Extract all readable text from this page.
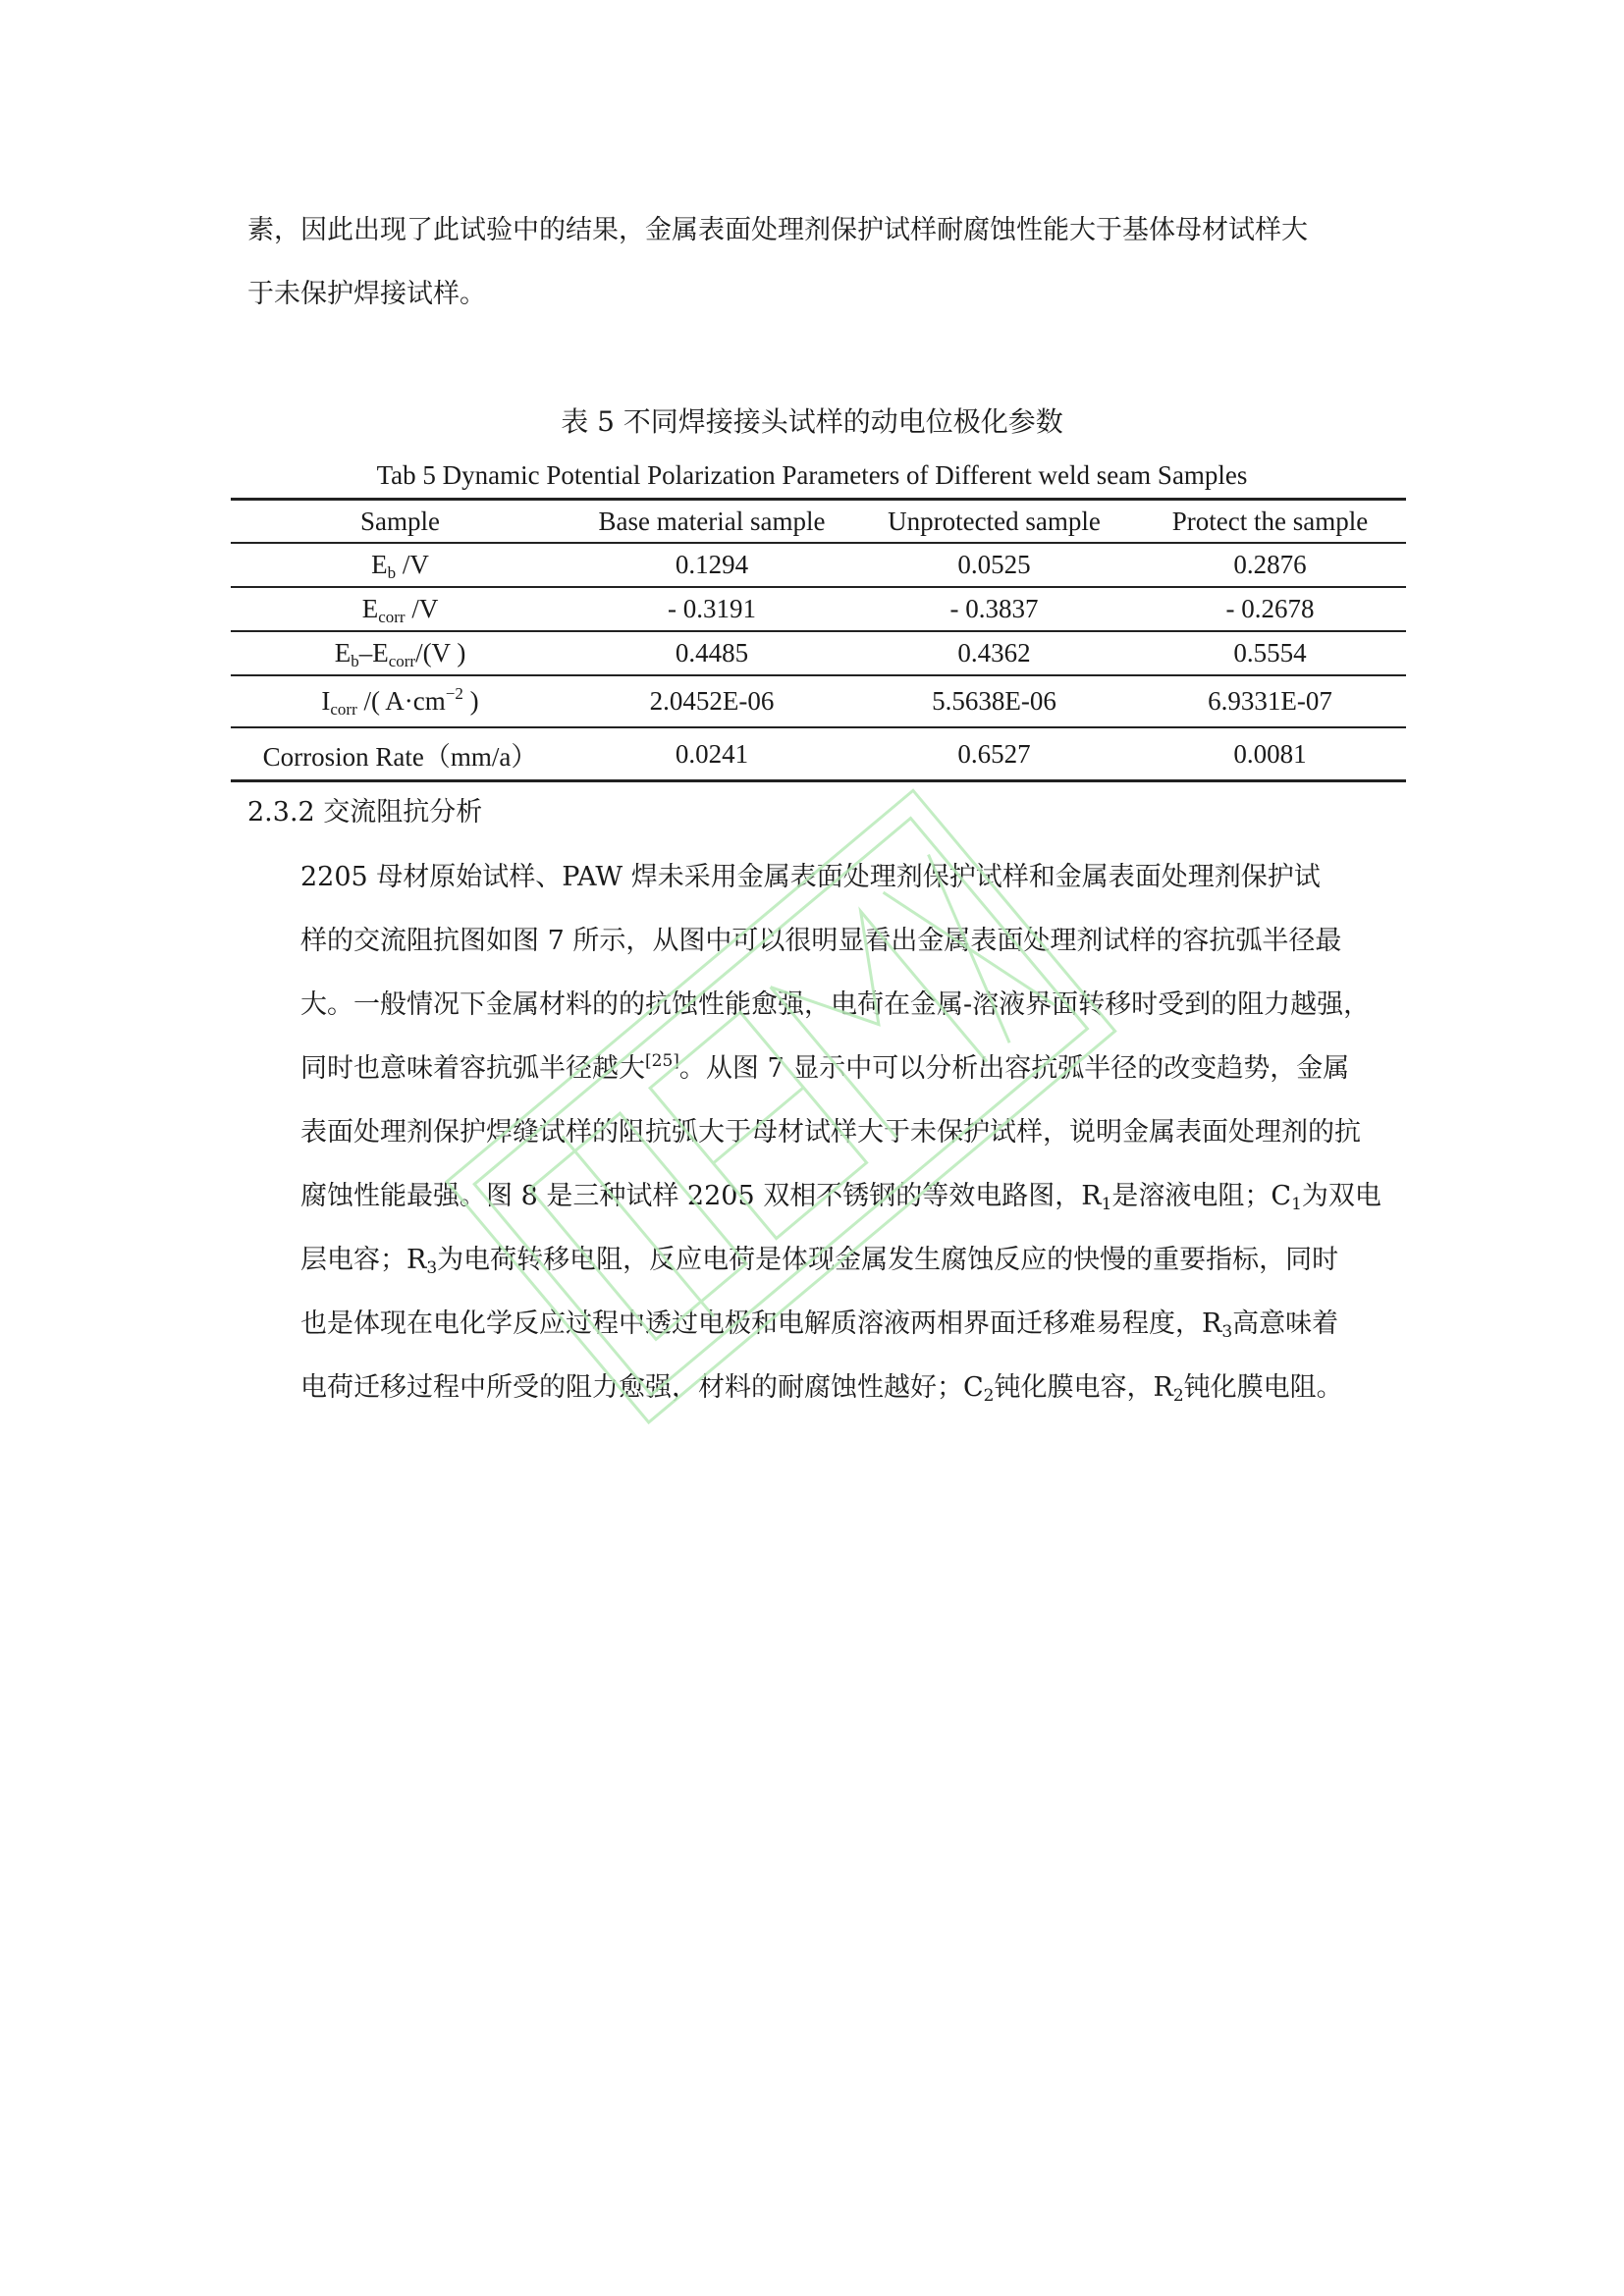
素，因此出现了此试验中的结果，金属表面处理剂保护试样耐腐蚀性能大于基体母材试样大
于未保护焊接试样。

表 5 不同焊接接头试样的动电位极化参数
Tab 5 Dynamic Potential Polarization Parameters of Different weld seam Samples
Sample	Base material sample	Unprotected sample	Protect the sample
$E_b$ /V	0.1294	0.0525	0.2876
$E_{corr}$ /V	- 0.3191	- 0.3837	- 0.2678
$E_b-E_{corr}/(V$ )	0.4485	0.4362	0.5554
$I_{corr}$ /( $A\cdot cm^{-2}$ )	2.0452E-06	5.5638E-06	6.9331E-07
Corrosion Rate（mm/a）	0.0241	0.6527	0.0081
2.3.2 交流阻抗分析

2205 母材原始试样、PAW 焊未采用金属表面处理剂保护试样和金属表面处理剂保护试
样的交流阻抗图如图 7 所示，从图中可以很明显看出金属表面处理剂试样的容抗弧半径最
大。一般情况下金属材料的的抗蚀性能愈强，电荷在金属-溶液界面转移时受到的阻力越强，
同时也意味着容抗弧半径越大[25]。从图 7 显示中可以分析出容抗弧半径的改变趋势，金属
表面处理剂保护焊缝试样的阻抗弧大于母材试样大于未保护试样，说明金属表面处理剂的抗
腐蚀性能最强。图 8 是三种试样 2205 双相不锈钢的等效电路图，$R_1$是溶液电阻；$C_1$为双电
层电容；$R_3$为电荷转移电阻，反应电荷是体现金属发生腐蚀反应的快慢的重要指标，同时
也是体现在电化学反应过程中透过电极和电解质溶液两相界面迁移难易程度，$R_3$高意味着
电荷迁移过程中所受的阻力愈强，材料的耐腐蚀性越好；$C_2$钝化膜电容，$R_2$钝化膜电阻。
